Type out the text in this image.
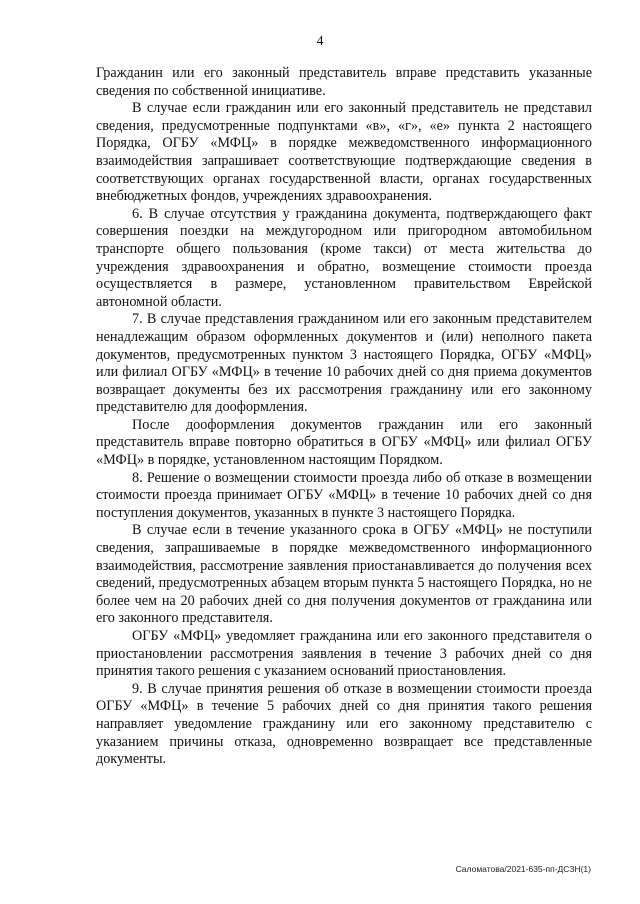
4

Гражданин или его законный представитель вправе представить указанные сведения по собственной инициативе.

В случае если гражданин или его законный представитель не представил сведения, предусмотренные подпунктами «в», «г», «е» пункта 2 настоящего Порядка, ОГБУ «МФЦ» в порядке межведомственного информационного взаимодействия запрашивает соответствующие подтверждающие сведения в соответствующих органах государственной власти, органах государственных внебюджетных фондов, учреждениях здравоохранения.

6. В случае отсутствия у гражданина документа, подтверждающего факт совершения поездки на междугородном или пригородном автомобильном транспорте общего пользования (кроме такси) от места жительства до учреждения здравоохранения и обратно, возмещение стоимости проезда осуществляется в размере, установленном правительством Еврейской автономной области.

7. В случае представления гражданином или его законным представителем ненадлежащим образом оформленных документов и (или) неполного пакета документов, предусмотренных пунктом 3 настоящего Порядка, ОГБУ «МФЦ» или филиал ОГБУ «МФЦ» в течение 10 рабочих дней со дня приема документов возвращает документы без их рассмотрения гражданину или его законному представителю для дооформления.

После дооформления документов гражданин или его законный представитель вправе повторно обратиться в ОГБУ «МФЦ» или филиал ОГБУ «МФЦ» в порядке, установленном настоящим Порядком.

8. Решение о возмещении стоимости проезда либо об отказе в возмещении стоимости проезда принимает ОГБУ «МФЦ» в течение 10 рабочих дней со дня поступления документов, указанных в пункте 3 настоящего Порядка.

В случае если в течение указанного срока в ОГБУ «МФЦ» не поступили сведения, запрашиваемые в порядке межведомственного информационного взаимодействия, рассмотрение заявления приостанавливается до получения всех сведений, предусмотренных абзацем вторым пункта 5 настоящего Порядка, но не более чем на 20 рабочих дней со дня получения документов от гражданина или его законного представителя.

ОГБУ «МФЦ» уведомляет гражданина или его законного представителя о приостановлении рассмотрения заявления в течение 3 рабочих дней со дня принятия такого решения с указанием оснований приостановления.

9. В случае принятия решения об отказе в возмещении стоимости проезда ОГБУ «МФЦ» в течение 5 рабочих дней со дня принятия такого решения направляет уведомление гражданину или его законному представителю с указанием причины отказа, одновременно возвращает все представленные документы.

Саломатова/2021-635-пп-ДСЗН(1)
